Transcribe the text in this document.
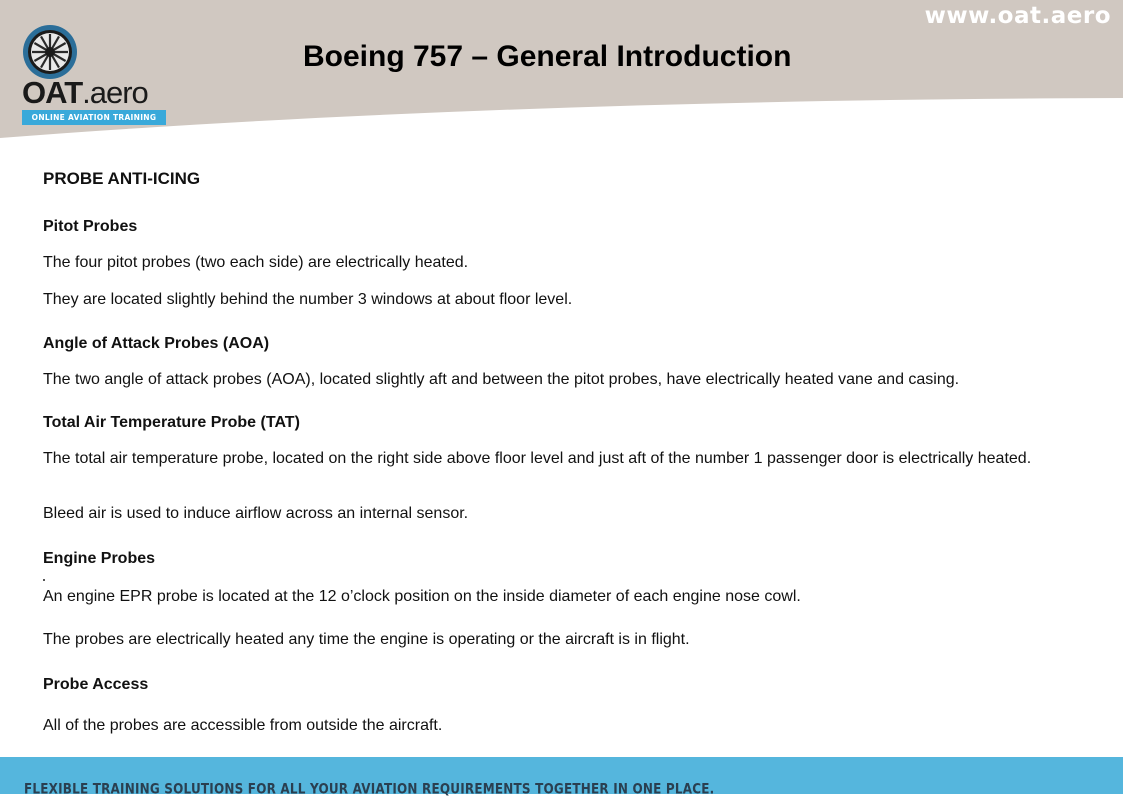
www.oat.aero
Boeing 757 – General Introduction
OAT.aero
ONLINE AVIATION TRAINING
PROBE ANTI-ICING
Pitot Probes

The four pitot probes (two each side) are electrically heated.

They are located slightly behind the number 3 windows at about floor level.

Angle of Attack Probes (AOA)

The two angle of attack probes (AOA), located slightly aft and between the pitot probes, have electrically heated vane and casing.

Total Air Temperature Probe (TAT)

The total air temperature probe, located on the right side above floor level and just aft of the number 1 passenger door is electrically heated.

Bleed air is used to induce airflow across an internal sensor.

Engine Probes

An engine EPR probe is located at the 12 o’clock position on the inside diameter of each engine nose cowl.

The probes are electrically heated any time the engine is operating or the aircraft is in flight.

Probe Access

All of the probes are accessible from outside the aircraft.

FLEXIBLE TRAINING SOLUTIONS FOR ALL YOUR AVIATION REQUIREMENTS TOGETHER IN ONE PLACE.
